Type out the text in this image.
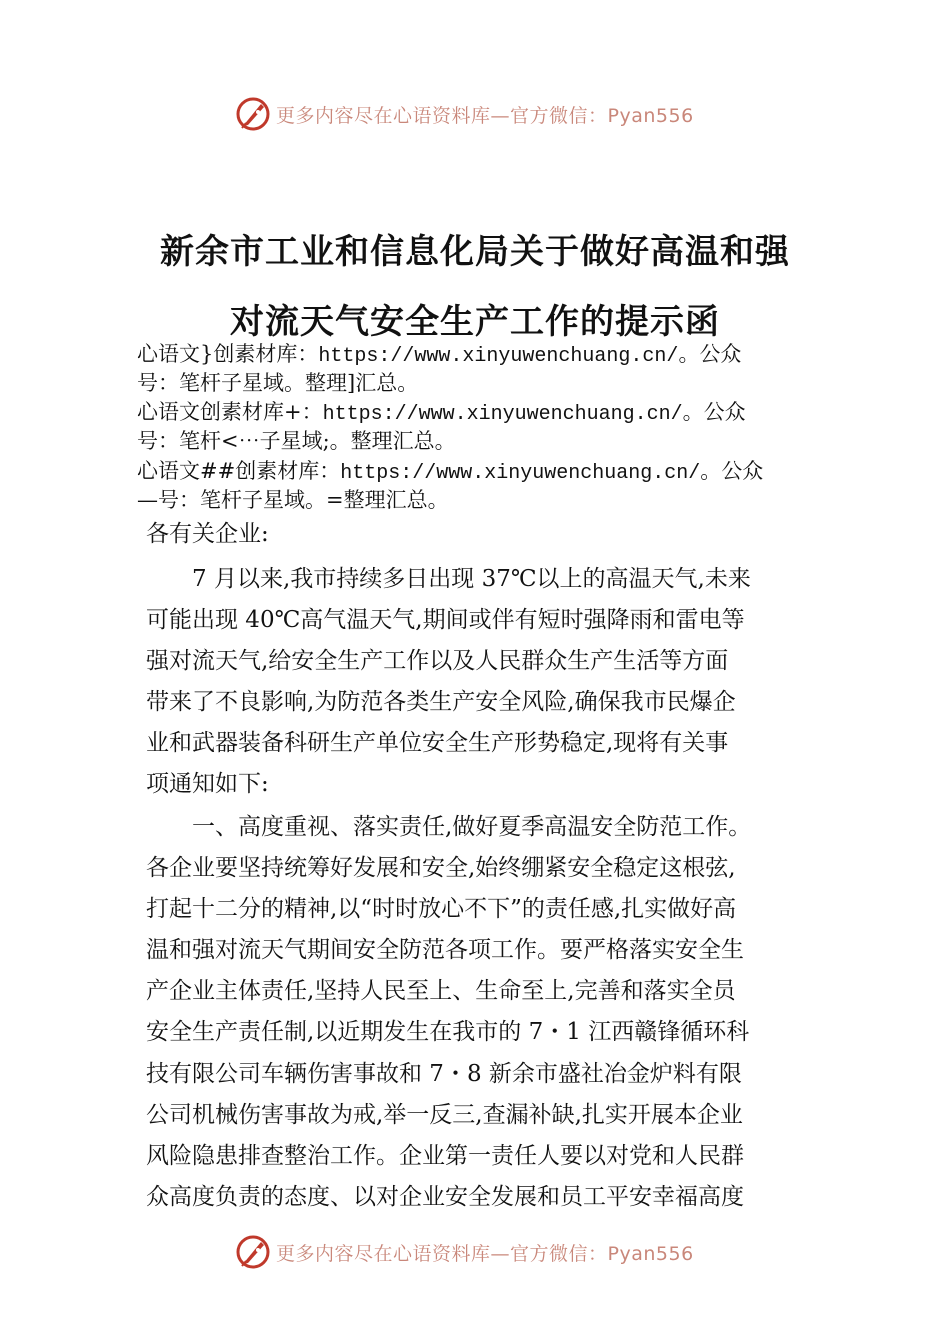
更多内容尽在心语资料库—官方微信：Pyan556
新余市工业和信息化局关于做好高温和强
对流天气安全生产工作的提示函
心语文}创素材库：https://www.xinyuwenchuang.cn/。公众
号：笔杆子星域。整理]汇总。
心语文创素材库+：https://www.xinyuwenchuang.cn/。公众
号：笔杆<⋯子星域;。整理汇总。
心语文##创素材库：https://www.xinyuwenchuang.cn/。公众
—号：笔杆子星域。=整理汇总。
各有关企业:
　　7 月以来,我市持续多日出现 37℃以上的高温天气,未来
可能出现 40℃高气温天气,期间或伴有短时强降雨和雷电等
强对流天气,给安全生产工作以及人民群众生产生活等方面
带来了不良影响,为防范各类生产安全风险,确保我市民爆企
业和武器装备科研生产单位安全生产形势稳定,现将有关事
项通知如下:
　　一、高度重视、落实责任,做好夏季高温安全防范工作。
各企业要坚持统筹好发展和安全,始终绷紧安全稳定这根弦,
打起十二分的精神,以“时时放心不下”的责任感,扎实做好高
温和强对流天气期间安全防范各项工作。要严格落实安全生
产企业主体责任,坚持人民至上、生命至上,完善和落实全员
安全生产责任制,以近期发生在我市的 7・1 江西赣锋循环科
技有限公司车辆伤害事故和 7・8 新余市盛社冶金炉料有限
公司机械伤害事故为戒,举一反三,查漏补缺,扎实开展本企业
风险隐患排查整治工作。企业第一责任人要以对党和人民群
众高度负责的态度、以对企业安全发展和员工平安幸福高度
更多内容尽在心语资料库—官方微信：Pyan556
